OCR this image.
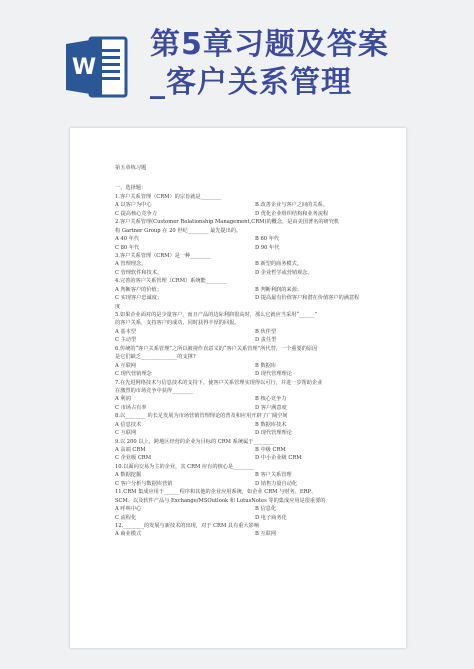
W
第5章习题及答案
_客户关系管理
第五章练习题
一、选择题：
1.客户关系管理（CRM）的宗旨就是________
A 以客户为中心	B 改善企业与客户之间的关系。
C 提高核心竞争力	D 优化企业组织结构和业务流程
2.客户关系管理(Customer Relationship Management,CRM)的概念，是由美国著名的研究机
构 Gartner Group 在 20 世纪________ 最先提出的。
A 40 年代	B 60 年代
C 80 年代	D 90 年代
3.客户关系管理（CRM）是一种________
A 管理理念。	B 新型的商务模式。
C 管理软件和技术。	D 企业哲学或营销观念。
4.完善的客户关系管理（CRM）系统能________
A 判断客户的价值；	B 判断利润的来源；
C 实现客户忠诚度；	D 提高最有价值客户和潜在价值客户的满意程
度
5.如果企业面对的是少量客户，而且产品的边际利润很高时，那么它就应当采用“______”
的客户关系，支持客户的成功，同时获得丰厚的回报。
A 基本型	B 伙伴型
C 主动型	D 责任型
6.传统的“客户关系管理”之所以被视作直意义的“客户关系管理”所代替，一个重要的原因
是它们缺乏______________的支撑?
A 互联网	B 数据库
C 现代营销理念	D 现代管理理论
7.在先进网络技术与信息技术的支持下，使客户关系管理实现得以可行，并进一步帮助企业
在激烈的市场竞争中获得________
A 利润	B 核心竞争力
C 市场占有率	D 客户满意度
8.以________ 的长足发展为市场营销管理理论的普及和应用开辟了广阔空间
A 信息技术	B 数据库技术
C 互联网	D 现代管理理论
9.以 200 以上，跨地区经营的企业为目标的 CRM 系统属于________
A 高端 CRM	B 中级 CRM
C 企业级 CRM	D 中小企业级 CRM
10.以面向交易为主的企业，其 CRM 应有的核心是________
A 数据挖掘	B 客户关系管理
C 客户分析与数据库营销	D 销售力量自动化
11.CRM 集成应用于______程序和其他的企业应用系统，如企业 CRM 与财务、ERP、
SCM、以及软件产品与 Exchange/MSOutlook 和 LotusNotes 等的集成应用是很重要的
A 呼叫中心	B 信息化
C 流程化	D 电子商务化
12.________的发展与新技术的出现，对于 CRM 具有重大影响
A 商业模式	B 互联网
